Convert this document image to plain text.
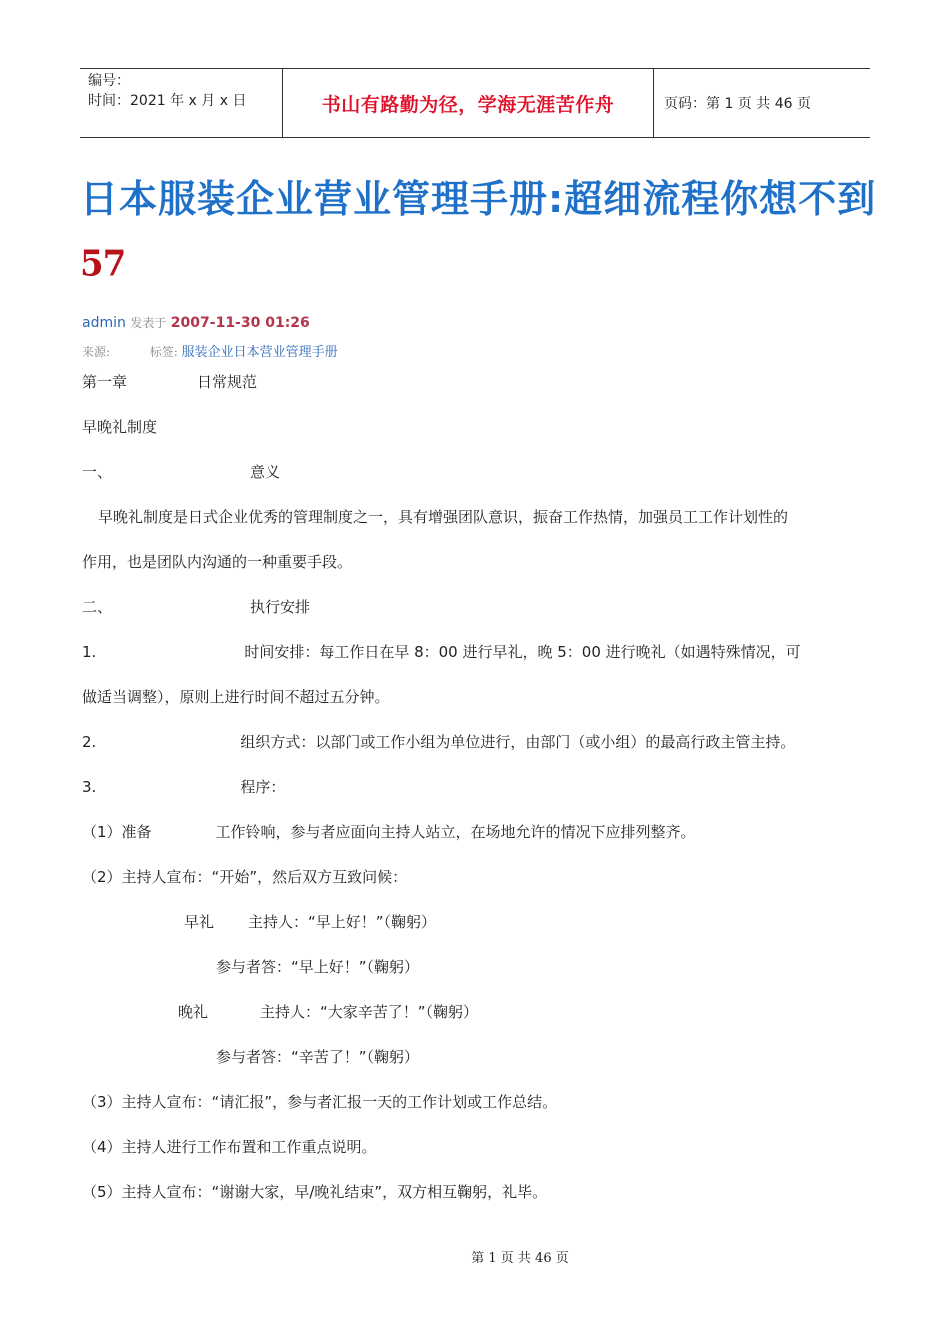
编号：
时间：2021 年 x 月 x 日	书山有路勤为径，学海无涯苦作舟	页码：第 1 页 共 46 页
日本服装企业营业管理手册:超细流程你想不到
57
admin 发表于 2007-11-30 01:26
来源:	标签: 服装企业日本营业管理手册
第一章	日常规范
早晚礼制度
一、	意义
早晚礼制度是日式企业优秀的管理制度之一，具有增强团队意识，振奋工作热情，加强员工工作计划性的
作用，也是团队内沟通的一种重要手段。
二、	执行安排
1.	时间安排：每工作日在早 8：00 进行早礼，晚 5：00 进行晚礼（如遇特殊情况，可
做适当调整），原则上进行时间不超过五分钟。
2.	组织方式：以部门或工作小组为单位进行，由部门（或小组）的最高行政主管主持。
3.	程序：
（1）准备	工作铃响，参与者应面向主持人站立，在场地允许的情况下应排列整齐。
（2）主持人宣布：“开始”，然后双方互致问候：
早礼 主持人：“早上好！”（鞠躬）
参与者答：“早上好！”（鞠躬）
晚礼	主持人：“大家辛苦了！”（鞠躬）
参与者答：“辛苦了！”（鞠躬）
（3）主持人宣布：“请汇报”，参与者汇报一天的工作计划或工作总结。
（4）主持人进行工作布置和工作重点说明。
（5）主持人宣布：“谢谢大家，早/晚礼结束”，双方相互鞠躬，礼毕。
第 1 页 共 46 页
